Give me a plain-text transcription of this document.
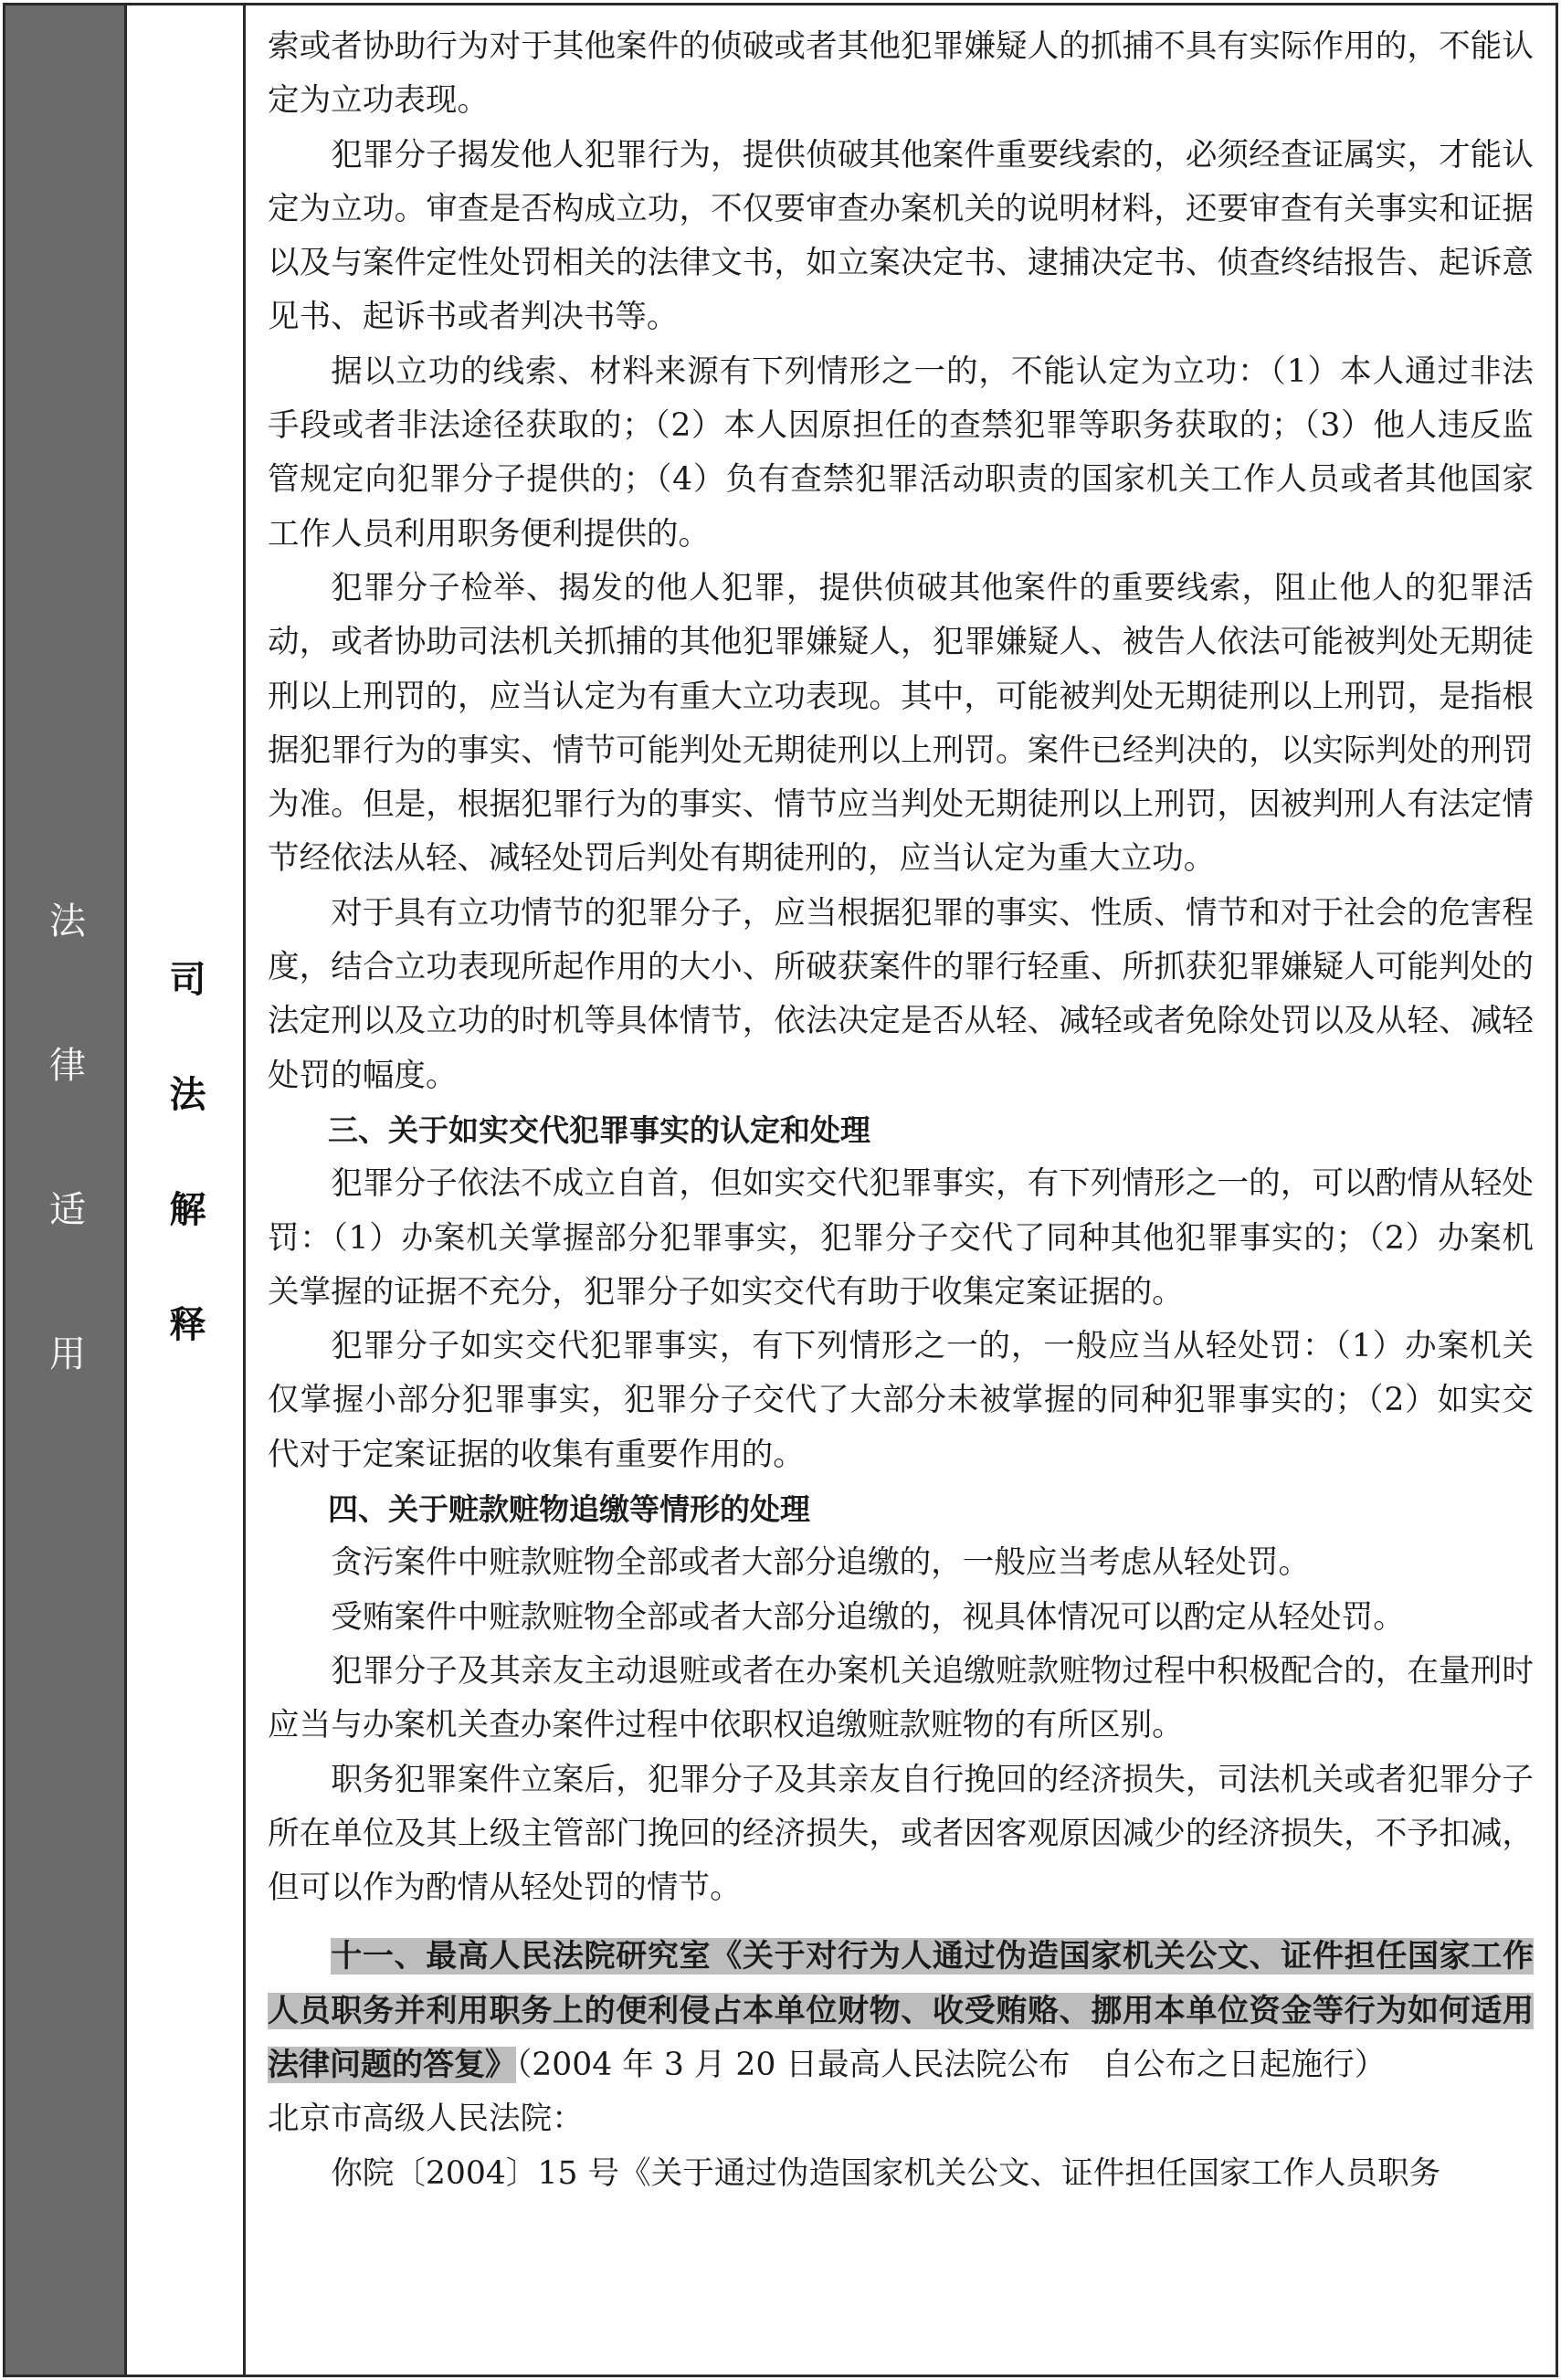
法律适用 司法解释

索或者协助行为对于其他案件的侦破或者其他犯罪嫌疑人的抓捕不具有实际作用的，不能认定为立功表现。

犯罪分子揭发他人犯罪行为，提供侦破其他案件重要线索的，必须经查证属实，才能认定为立功。审查是否构成立功，不仅要审查办案机关的说明材料，还要审查有关事实和证据以及与案件定性处罚相关的法律文书，如立案决定书、逮捕决定书、侦查终结报告、起诉意见书、起诉书或者判决书等。

据以立功的线索、材料来源有下列情形之一的，不能认定为立功：（1）本人通过非法手段或者非法途径获取的；（2）本人因原担任的查禁犯罪等职务获取的；（3）他人违反监管规定向犯罪分子提供的；（4）负有查禁犯罪活动职责的国家机关工作人员或者其他国家工作人员利用职务便利提供的。

犯罪分子检举、揭发的他人犯罪，提供侦破其他案件的重要线索，阻止他人的犯罪活动，或者协助司法机关抓捕的其他犯罪嫌疑人，犯罪嫌疑人、被告人依法可能被判处无期徒刑以上刑罚的，应当认定为有重大立功表现。其中，可能被判处无期徒刑以上刑罚，是指根据犯罪行为的事实、情节可能判处无期徒刑以上刑罚。案件已经判决的，以实际判处的刑罚为准。但是，根据犯罪行为的事实、情节应当判处无期徒刑以上刑罚，因被判刑人有法定情节经依法从轻、减轻处罚后判处有期徒刑的，应当认定为重大立功。

对于具有立功情节的犯罪分子，应当根据犯罪的事实、性质、情节和对于社会的危害程度，结合立功表现所起作用的大小、所破获案件的罪行轻重、所抓获犯罪嫌疑人可能判处的法定刑以及立功的时机等具体情节，依法决定是否从轻、减轻或者免除处罚以及从轻、减轻处罚的幅度。

三、关于如实交代犯罪事实的认定和处理

犯罪分子依法不成立自首，但如实交代犯罪事实，有下列情形之一的，可以酌情从轻处罚：（1）办案机关掌握部分犯罪事实，犯罪分子交代了同种其他犯罪事实的；（2）办案机关掌握的证据不充分，犯罪分子如实交代有助于收集定案证据的。

犯罪分子如实交代犯罪事实，有下列情形之一的，一般应当从轻处罚：（1）办案机关仅掌握小部分犯罪事实，犯罪分子交代了大部分未被掌握的同种犯罪事实的；（2）如实交代对于定案证据的收集有重要作用的。

四、关于赃款赃物追缴等情形的处理

贪污案件中赃款赃物全部或者大部分追缴的，一般应当考虑从轻处罚。

受贿案件中赃款赃物全部或者大部分追缴的，视具体情况可以酌定从轻处罚。

犯罪分子及其亲友主动退赃或者在办案机关追缴赃款赃物过程中积极配合的，在量刑时应当与办案机关查办案件过程中依职权追缴赃款赃物的有所区别。

职务犯罪案件立案后，犯罪分子及其亲友自行挽回的经济损失，司法机关或者犯罪分子所在单位及其上级主管部门挽回的经济损失，或者因客观原因减少的经济损失，不予扣减，但可以作为酌情从轻处罚的情节。

十一、最高人民法院研究室《关于对行为人通过伪造国家机关公文、证件担任国家工作人员职务并利用职务上的便利侵占本单位财物、收受贿赂、挪用本单位资金等行为如何适用法律问题的答复》（2004 年 3 月 20 日最高人民法院公布　自公布之日起施行）

北京市高级人民法院：

你院〔2004〕15 号《关于通过伪造国家机关公文、证件担任国家工作人员职务
